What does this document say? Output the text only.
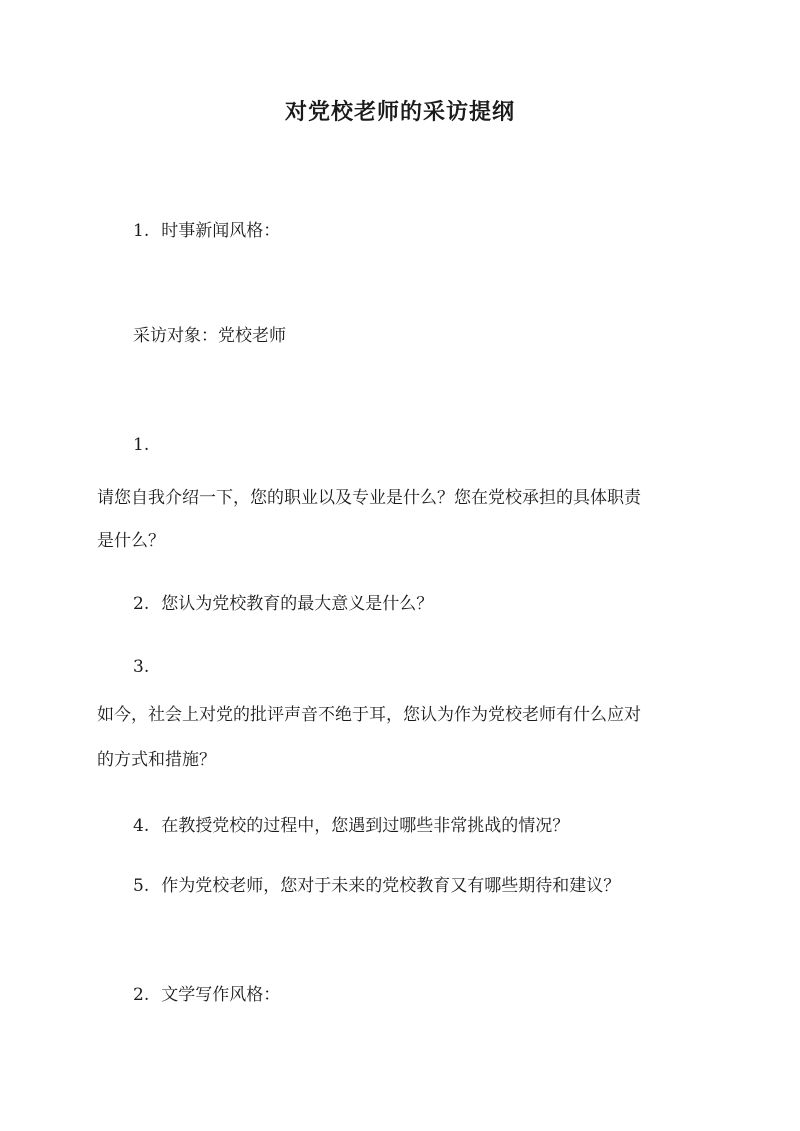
对党校老师的采访提纲
1. 时事新闻风格：
采访对象：党校老师
1.
请您自我介绍一下，您的职业以及专业是什么？您在党校承担的具体职责
是什么？
2. 您认为党校教育的最大意义是什么？
3.
如今，社会上对党的批评声音不绝于耳，您认为作为党校老师有什么应对
的方式和措施？
4. 在教授党校的过程中，您遇到过哪些非常挑战的情况？
5. 作为党校老师，您对于未来的党校教育又有哪些期待和建议？
2. 文学写作风格：
